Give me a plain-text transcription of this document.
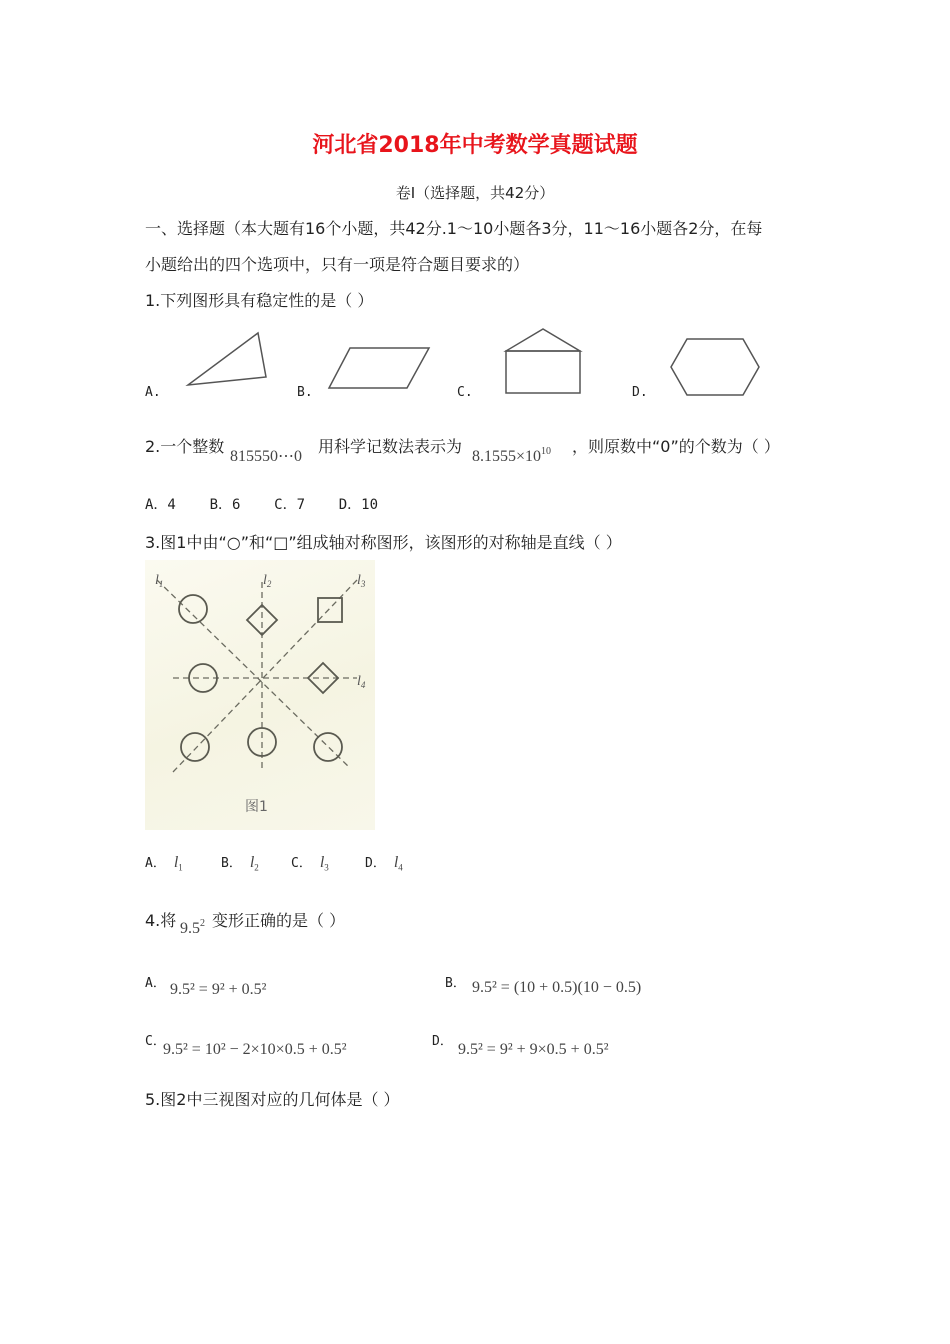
河北省2018年中考数学真题试题
卷I（选择题，共42分）
一、选择题（本大题有16个小题，共42分.1～10小题各3分，11～16小题各2分，在每
小题给出的四个选项中，只有一项是符合题目要求的）
1.下列图形具有稳定性的是（ ）
A.	B.	C.	D.
2.一个整数
815550⋯0
用科学记数法表示为
$8.1555\times 10^{10}$ ，则原数中“0”的个数为（ ）
A．4    B．6    C．7    D．10
3.图1中由“○”和“□”组成轴对称图形，该图形的对称轴是直线（ ）
$l_1$	$l_2$	$l_3$
$l_4$
图1
A． $l_1$	B． $l_2$ C． $l_3$	D． $l_4$
4.将 $9.5^2$ 变形正确的是（ ）
A． 9.5² = 9² + 0.5²	B． 9.5² = (10 + 0.5)(10 − 0.5)
C．
9.5² = 10² − 2×10×0.5 + 0.5²	D． 9.5² = 9² + 9×0.5 + 0.5²
5.图2中三视图对应的几何体是（ ）
